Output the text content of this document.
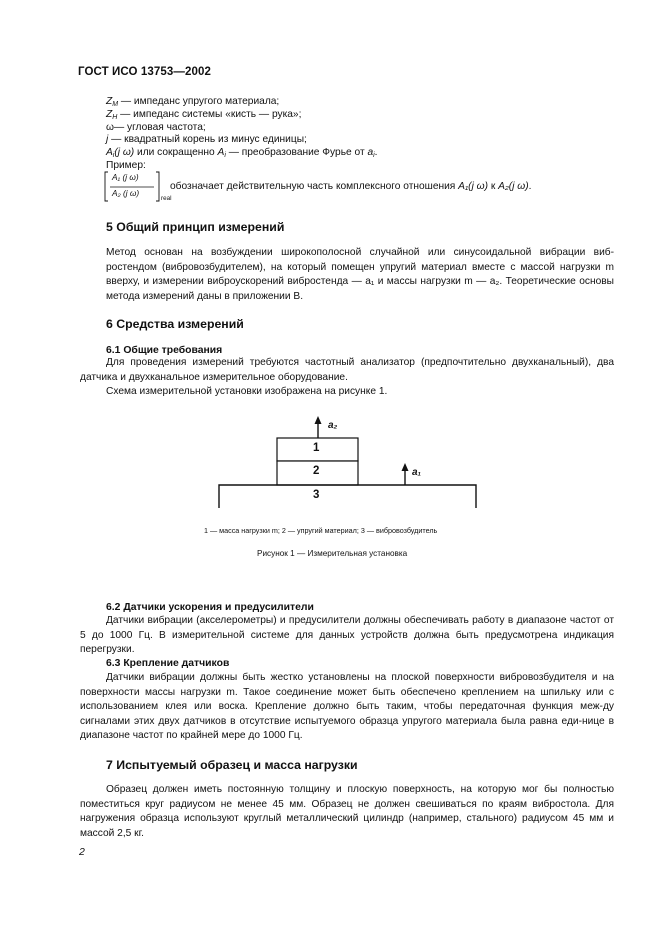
ГОСТ ИСО 13753—2002
$Z_M$ — импеданс упругого материала;
$Z_H$ — импеданс системы «кисть — рука»;
ω— угловая частота;
j — квадратный корень из минус единицы;
$A_i(j$ ω) или сокращенно $A_i$ — преобразование Фурье от $a_i$.
Пример:
A₁ (j ω)
A₂ (j ω)
real
обозначает действительную часть комплексного отношения A₁(j ω) к A₂(j ω).
5 Общий принцип измерений
Метод основан на возбуждении широкополосной случайной или синусоидальной вибрации виб-ростендом (вибровозбудителем), на который помещен упругий материал вместе с массой нагрузки m вверху, и измерении виброускорений вибростенда — a₁ и массы нагрузки m — a₂. Теоретические основы метода измерений даны в приложении В.
6 Средства измерений
6.1 Общие требования
Для проведения измерений требуются частотный анализатор (предпочтительно двухканальный), два датчика и двухканальное измерительное оборудование.
Схема измерительной установки изображена на рисунке 1.
a₂
a₁
1
2
3
1 — масса нагрузки m; 2 — упругий материал; 3 — вибровозбудитель
Рисунок 1 — Измерительная установка
6.2 Датчики ускорения и предусилители
Датчики вибрации (акселерометры) и предусилители должны обеспечивать работу в диапазоне частот от 5 до 1000 Гц. В измерительной системе для данных устройств должна быть предусмотрена индикация перегрузки.
6.3 Крепление датчиков
Датчики вибрации должны быть жестко установлены на плоской поверхности вибровозбудителя и на поверхности массы нагрузки m. Такое соединение может быть обеспечено креплением на шпильку или с использованием клея или воска. Крепление должно быть таким, чтобы передаточная функция меж-ду сигналами этих двух датчиков в отсутствие испытуемого образца упругого материала была равна еди-нице в диапазоне частот по крайней мере до 1000 Гц.
7 Испытуемый образец и масса нагрузки
Образец должен иметь постоянную толщину и плоскую поверхность, на которую мог бы полностью поместиться круг радиусом не менее 45 мм. Образец не должен свешиваться по краям вибростола. Для нагружения образца используют круглый металлический цилиндр (например, стального) радиусом 45 мм и массой 2,5 кг.
2
